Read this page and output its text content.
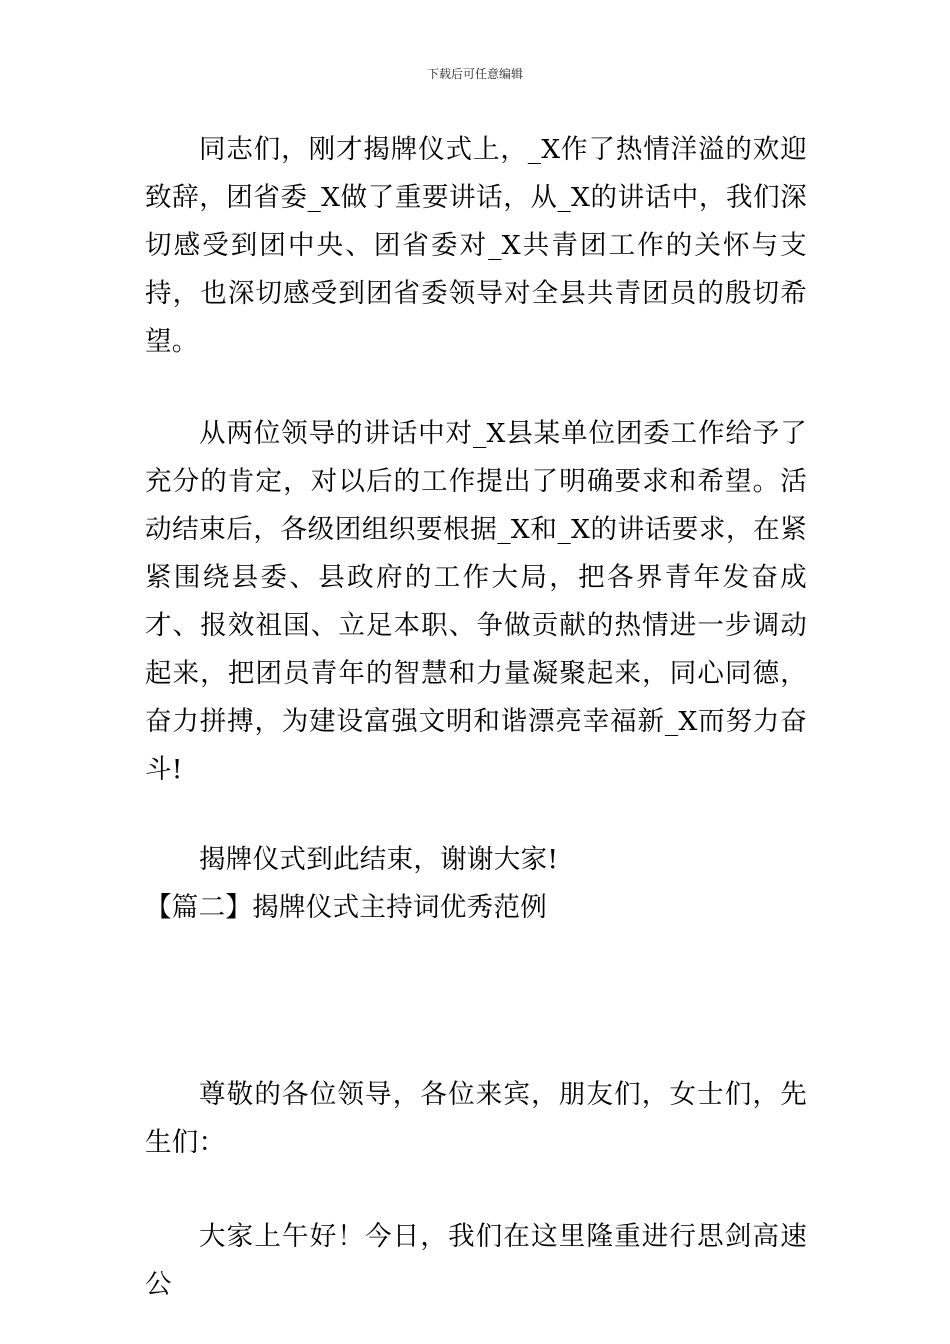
下载后可任意编辑

同志们，刚才揭牌仪式上，_X作了热情洋溢的欢迎致辞，团省委_X做了重要讲话，从_X的讲话中，我们深切感受到团中央、团省委对_X共青团工作的关怀与支持，也深切感受到团省委领导对全县共青团员的殷切希望。

从两位领导的讲话中对_X县某单位团委工作给予了充分的肯定，对以后的工作提出了明确要求和希望。活动结束后，各级团组织要根据_X和_X的讲话要求，在紧紧围绕县委、县政府的工作大局，把各界青年发奋成才、报效祖国、立足本职、争做贡献的热情进一步调动起来，把团员青年的智慧和力量凝聚起来，同心同德，奋力拼搏，为建设富强文明和谐漂亮幸福新_X而努力奋斗!

揭牌仪式到此结束，谢谢大家!

【篇二】揭牌仪式主持词优秀范例

尊敬的各位领导，各位来宾，朋友们，女士们，先生们：

大家上午好！今日，我们在这里隆重进行思剑高速公
